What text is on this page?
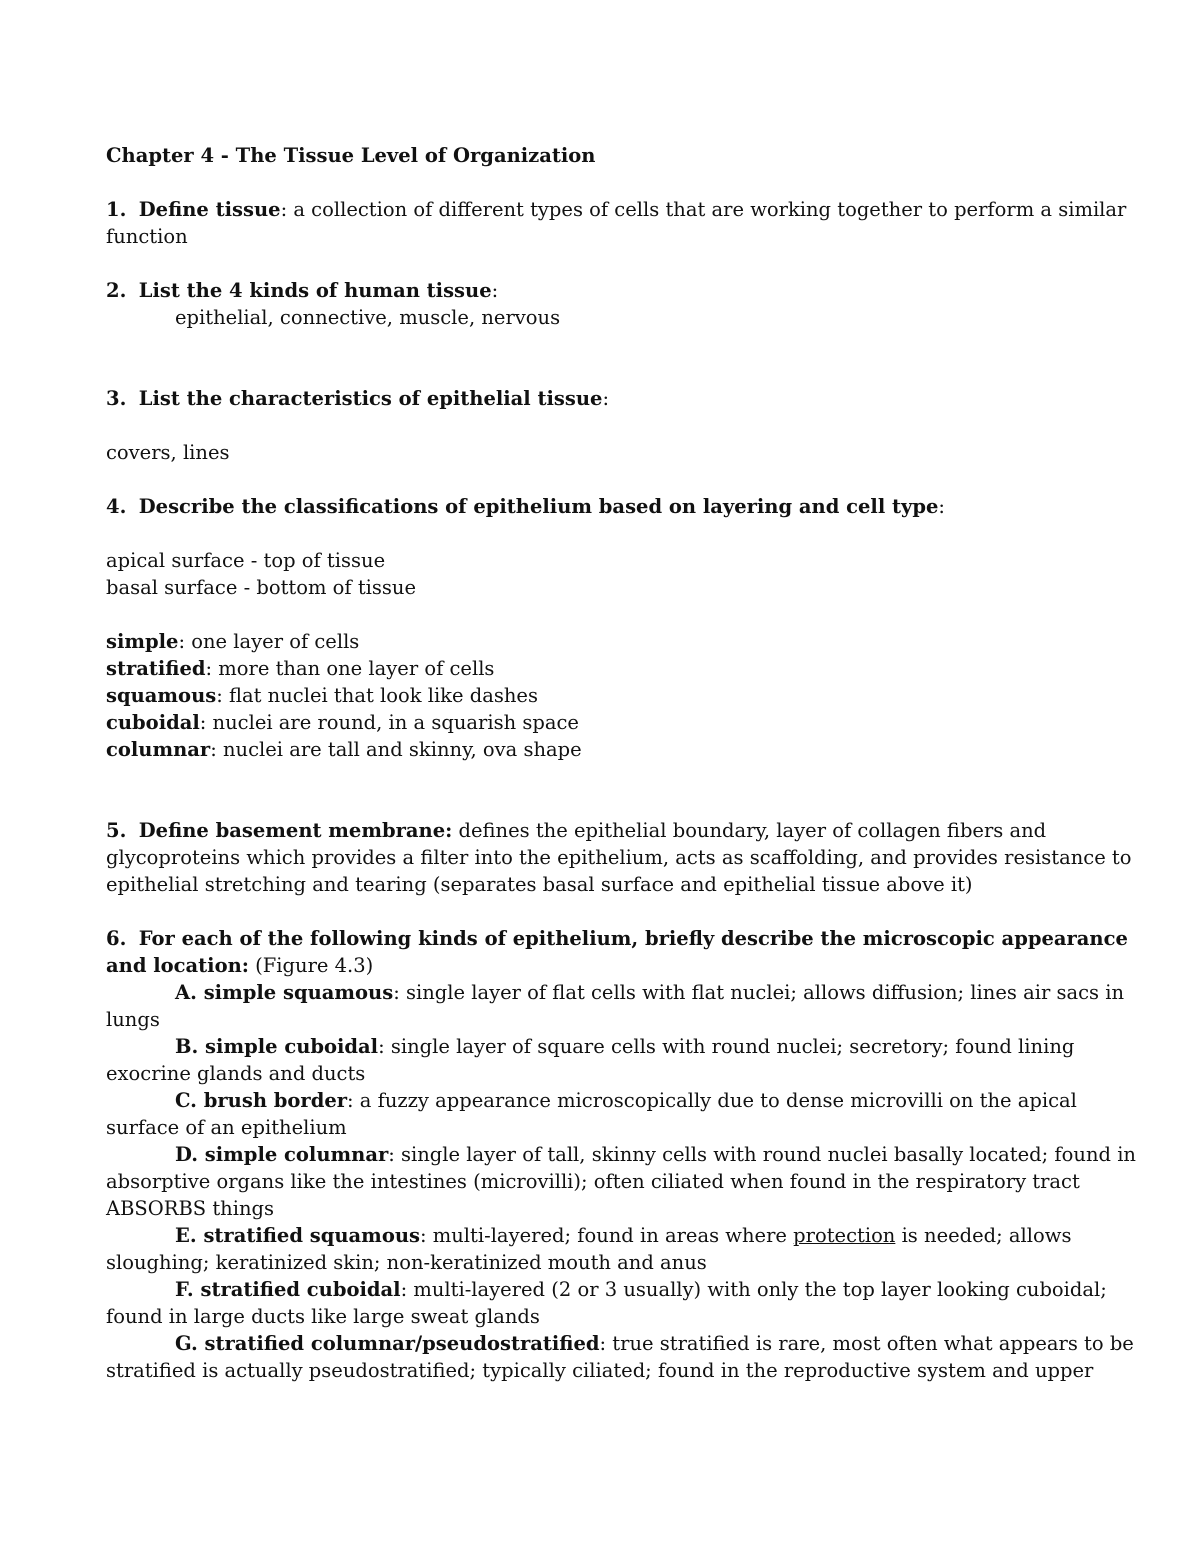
Chapter 4 - The Tissue Level of Organization

1. Define tissue: a collection of different types of cells that are working together to perform a similar function

2. List the 4 kinds of human tissue:

epithelial, connective, muscle, nervous

3. List the characteristics of epithelial tissue:

covers, lines

4. Describe the classifications of epithelium based on layering and cell type:

apical surface - top of tissue

basal surface - bottom of tissue

simple: one layer of cells

stratified: more than one layer of cells

squamous: flat nuclei that look like dashes

cuboidal: nuclei are round, in a squarish space

columnar: nuclei are tall and skinny, ova shape

5. Define basement membrane: defines the epithelial boundary, layer of collagen fibers and glycoproteins which provides a filter into the epithelium, acts as scaffolding, and provides resistance to epithelial stretching and tearing (separates basal surface and epithelial tissue above it)

6. For each of the following kinds of epithelium, briefly describe the microscopic appearance and location: (Figure 4.3)

A. simple squamous: single layer of flat cells with flat nuclei; allows diffusion; lines air sacs in lungs

B. simple cuboidal: single layer of square cells with round nuclei; secretory; found lining exocrine glands and ducts

C. brush border: a fuzzy appearance microscopically due to dense microvilli on the apical surface of an epithelium

D. simple columnar: single layer of tall, skinny cells with round nuclei basally located; found in absorptive organs like the intestines (microvilli); often ciliated when found in the respiratory tract ABSORBS things

E. stratified squamous: multi-layered; found in areas where protection is needed; allows sloughing; keratinized skin; non-keratinized mouth and anus

F. stratified cuboidal: multi-layered (2 or 3 usually) with only the top layer looking cuboidal; found in large ducts like large sweat glands

G. stratified columnar/pseudostratified: true stratified is rare, most often what appears to be stratified is actually pseudostratified; typically ciliated; found in the reproductive system and upper
